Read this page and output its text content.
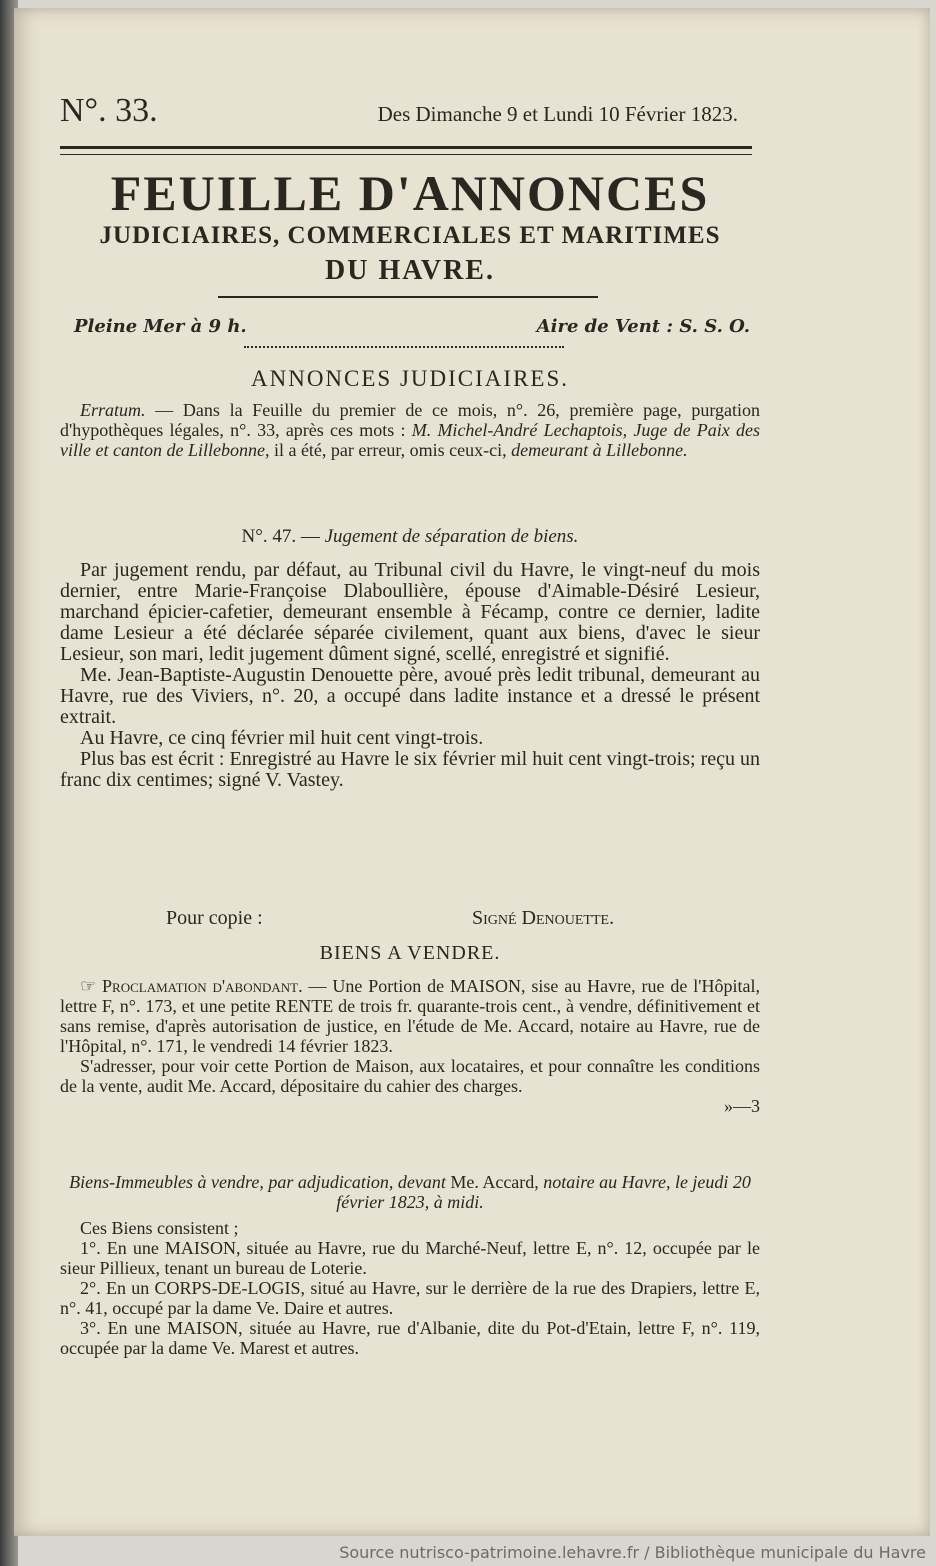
N°. 33.	Des Dimanche 9 et Lundi 10 Février 1823.
FEUILLE D'ANNONCES
JUDICIAIRES, COMMERCIALES ET MARITIMES
DU HAVRE.
Pleine Mer à 9 h.	Aire de Vent : S. S. O.
ANNONCES JUDICIAIRES.

Erratum. — Dans la Feuille du premier de ce mois, n°. 26, première page, purgation d'hypothèques légales, n°. 33, après ces mots : M. Michel-André Lechaptois, Juge de Paix des ville et canton de Lillebonne, il a été, par erreur, omis ceux-ci, demeurant à Lillebonne.

N°. 47. — Jugement de séparation de biens.

Par jugement rendu, par défaut, au Tribunal civil du Havre, le vingt-neuf du mois dernier, entre Marie-Françoise Dlaboullière, épouse d'Aimable-Désiré Lesieur, marchand épicier-cafetier, demeurant ensemble à Fécamp, contre ce dernier, ladite dame Lesieur a été déclarée séparée civilement, quant aux biens, d'avec le sieur Lesieur, son mari, ledit jugement dûment signé, scellé, enregistré et signifié.

Me. Jean-Baptiste-Augustin Denouette père, avoué près ledit tribunal, demeurant au Havre, rue des Viviers, n°. 20, a occupé dans ladite instance et a dressé le présent extrait.

Au Havre, ce cinq février mil huit cent vingt-trois.

Plus bas est écrit : Enregistré au Havre le six février mil huit cent vingt-trois; reçu un franc dix centimes; signé V. Vastey.

Pour copie :	Signé Denouette.
BIENS A VENDRE.

☞ Proclamation d'abondant. — Une Portion de MAISON, sise au Havre, rue de l'Hôpital, lettre F, n°. 173, et une petite RENTE de trois fr. quarante-trois cent., à vendre, définitivement et sans remise, d'après autorisation de justice, en l'étude de Me. Accard, notaire au Havre, rue de l'Hôpital, n°. 171, le vendredi 14 février 1823.

S'adresser, pour voir cette Portion de Maison, aux locataires, et pour connaître les conditions de la vente, audit Me. Accard, dépositaire du cahier des charges.

»—3

Biens-Immeubles à vendre, par adjudication, devant Me. Accard, notaire au Havre, le jeudi 20 février 1823, à midi.

Ces Biens consistent ;

1°. En une MAISON, située au Havre, rue du Marché-Neuf, lettre E, n°. 12, occupée par le sieur Pillieux, tenant un bureau de Loterie.

2°. En un CORPS-DE-LOGIS, situé au Havre, sur le derrière de la rue des Drapiers, lettre E, n°. 41, occupé par la dame Ve. Daire et autres.

3°. En une MAISON, située au Havre, rue d'Albanie, dite du Pot-d'Etain, lettre F, n°. 119, occupée par la dame Ve. Marest et autres.

Source nutrisco-patrimoine.lehavre.fr / Bibliothèque municipale du Havre
